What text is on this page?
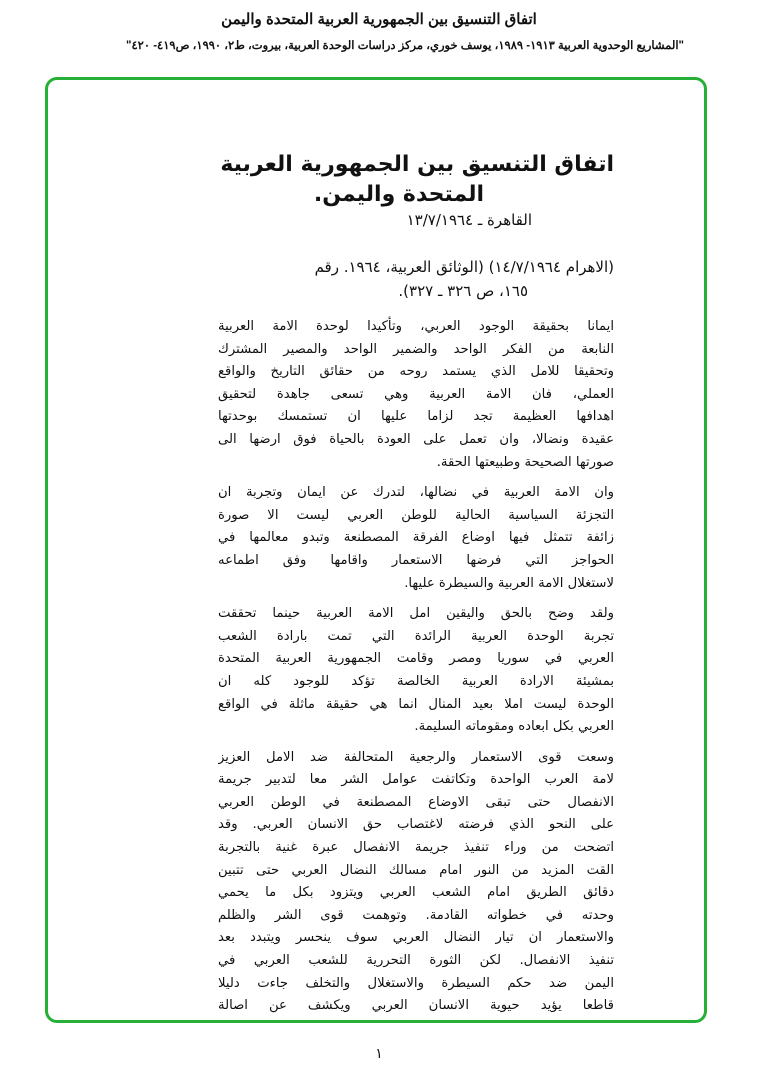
اتفاق التنسيق بين الجمهورية العربية المتحدة واليمن
"المشاريع الوحدوية العربية ١٩١٣- ١٩٨٩، يوسف خوري، مركز دراسات الوحدة العربية، بيروت، ط٢، ١٩٩٠، ص٤١٩- ٤٢٠"
اتفاق التنسيق بين الجمهورية العربية
المتحدة واليمن.
القاهرة ـ ١٣/٧/١٩٦٤
(الاهرام ١٤/٧/١٩٦٤) (الوثائق العربية، ١٩٦٤. رقم
١٦٥، ص ٣٢٦ ـ ٣٢٧).
ايمانا بحقيقة الوجود العربي، وتأكيدا لوحدة الامة العربية
النابعة من الفكر الواحد والضمير الواحد والمصير المشترك
وتحقيقا للامل الذي يستمد روحه من حقائق التاريخ والواقع
العملي، فان الامة العربية وهي تسعى جاهدة لتحقيق
اهدافها العظيمة تجد لزاما عليها ان تستمسك بوحدتها
عقيدة ونضالا، وان تعمل على العودة بالحياة فوق ارضها الى
صورتها الصحيحة وطبيعتها الحقة.
وان الامة العربية في نضالها، لتدرك عن ايمان وتجربة ان
التجزئة السياسية الحالية للوطن العربي ليست الا صورة
زائفة تتمثل فيها اوضاع الفرقة المصطنعة وتبدو معالمها في
الحواجز التي فرضها الاستعمار واقامها وفق اطماعه
لاستغلال الامة العربية والسيطرة عليها.
ولقد وضح بالحق واليقين امل الامة العربية حينما تحققت
تجربة الوحدة العربية الرائدة التي تمت بارادة الشعب
العربي في سوريا ومصر وقامت الجمهورية العربية المتحدة
بمشيئة الارادة العربية الخالصة تؤكد للوجود كله ان
الوحدة ليست املا بعيد المنال انما هي حقيقة ماثلة في الواقع
العربي بكل ابعاده ومقوماته السليمة.
وسعت قوى الاستعمار والرجعية المتحالفة ضد الامل العزيز
لامة العرب الواحدة وتكاتفت عوامل الشر معا لتدبير جريمة
الانفصال حتى تبقى الاوضاع المصطنعة في الوطن العربي
على النحو الذي فرضته لاغتصاب حق الانسان العربي. وقد
اتضحت من وراء تنفيذ جريمة الانفصال عبرة غنية بالتجربة
القت المزيد من النور امام مسالك النضال العربي حتى تتبين
دقائق الطريق امام الشعب العربي ويتزود بكل ما يحمي
وحدته في خطواته القادمة. وتوهمت قوى الشر والظلم
والاستعمار ان تيار النضال العربي سوف ينحسر ويتبدد بعد
تنفيذ الانفصال. لكن الثورة التحررية للشعب العربي في
اليمن ضد حكم السيطرة والاستغلال والتخلف جاءت دليلا
قاطعا يؤيد حيوية الانسان العربي ويكشف عن اصالة
١
